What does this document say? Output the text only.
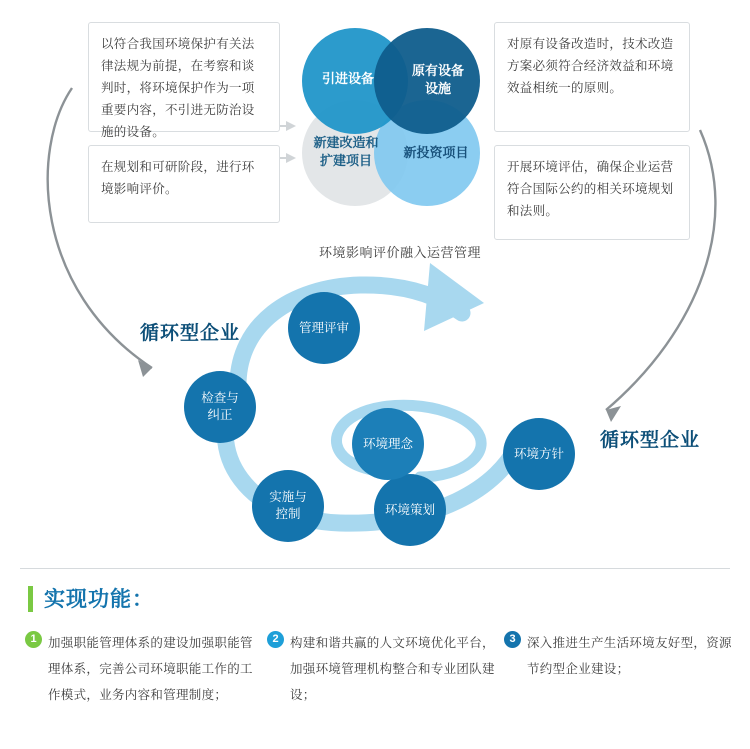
以符合我国环境保护有关法律法规为前提，在考察和谈判时，将环境保护作为一项重要内容，不引进无防治设施的设备。
在规划和可研阶段，进行环境影响评价。
对原有设备改造时，技术改造方案必须符合经济效益和环境效益相统一的原则。
开展环境评估，确保企业运营符合国际公约的相关环境规划和法则。
引进设备
原有设备
设施
新建改造和
扩建项目
新投资项目
环境影响评价融入运营管理
管理评审
检查与
纠正
实施与
控制	环境策划
环境理念
环境方针
循环型企业
循环型企业
实现功能：
1 加强职能管理体系的建设加强职能管理体系，完善公司环境职能工作的工作模式，业务内容和管理制度；
2 构建和谐共赢的人文环境优化平台，加强环境管理机构整合和专业团队建设；
3 深入推进生产生活环境友好型，资源节约型企业建设；
